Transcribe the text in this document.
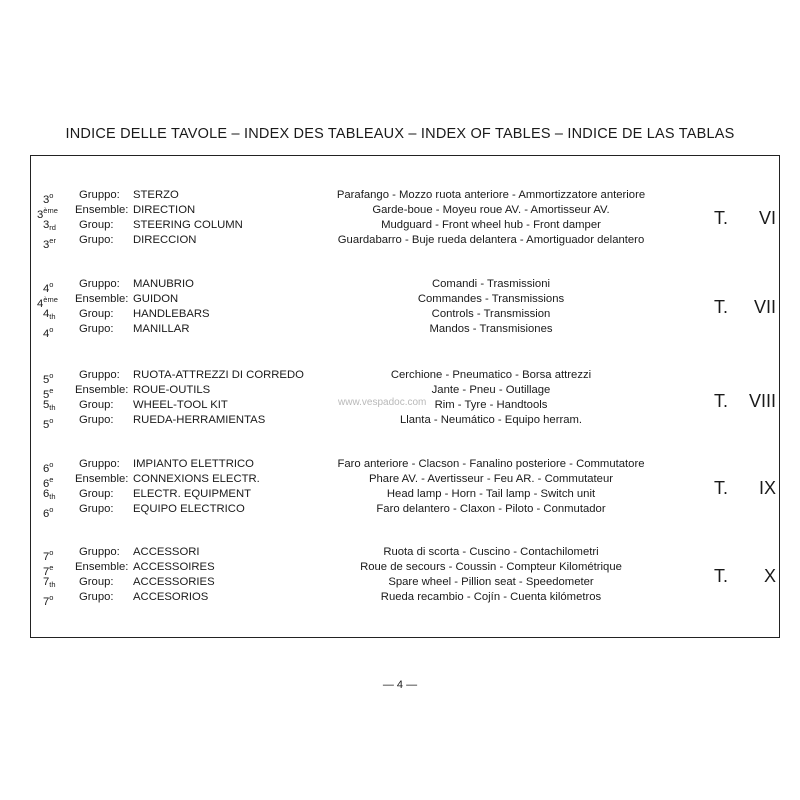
INDICE DELLE TAVOLE – INDEX DES TABLEAUX – INDEX OF TABLES – INDICE DE LAS TABLAS
3$^o$ Gruppo: STERZO	Parafango - Mozzo ruota anteriore - Ammortizzatore anteriore
3ème Ensemble: DIRECTION	Garde-boue - Moyeu roue AV. - Amortisseur AV.
3rd Group: STEERING COLUMN	Mudguard - Front wheel hub - Front damper
3er Grupo: DIRECCION	Guardabarro - Buje rueda delantera - Amortiguador delantero
T. VI
4$^o$ Gruppo: MANUBRIO	Comandi - Trasmissioni
4ème Ensemble: GUIDON	Commandes - Transmissions
4th Group: HANDLEBARS	Controls - Transmission
4$^o$ Grupo: MANILLAR	Mandos - Transmisiones
T. VII
5$^o$ Gruppo: RUOTA-ATTREZZI DI CORREDO	Cerchione - Pneumatico - Borsa attrezzi
5e Ensemble: ROUE-OUTILS	Jante - Pneu - Outillage
5th Group: WHEEL-TOOL KIT	Rim - Tyre - Handtools
5$^o$ Grupo: RUEDA-HERRAMIENTAS	Llanta - Neumático - Equipo herram.
T. VIII
6$^o$ Gruppo: IMPIANTO ELETTRICO	Faro anteriore - Clacson - Fanalino posteriore - Commutatore
6e Ensemble: CONNEXIONS ELECTR.	Phare AV. - Avertisseur - Feu AR. - Commutateur
6th Group: ELECTR. EQUIPMENT	Head lamp - Horn - Tail lamp - Switch unit
6$^o$ Grupo: EQUIPO ELECTRICO	Faro delantero - Claxon - Piloto - Conmutador
T. IX
7$^o$ Gruppo: ACCESSORI	Ruota di scorta - Cuscino - Contachilometri
7e Ensemble: ACCESSOIRES	Roue de secours - Coussin - Compteur Kilométrique
7th Group: ACCESSORIES	Spare wheel - Pillion seat - Speedometer
7$^o$ Grupo: ACCESORIOS	Rueda recambio - Cojín - Cuenta kilómetros
T. X
www.vespadoc.com
— 4 —
